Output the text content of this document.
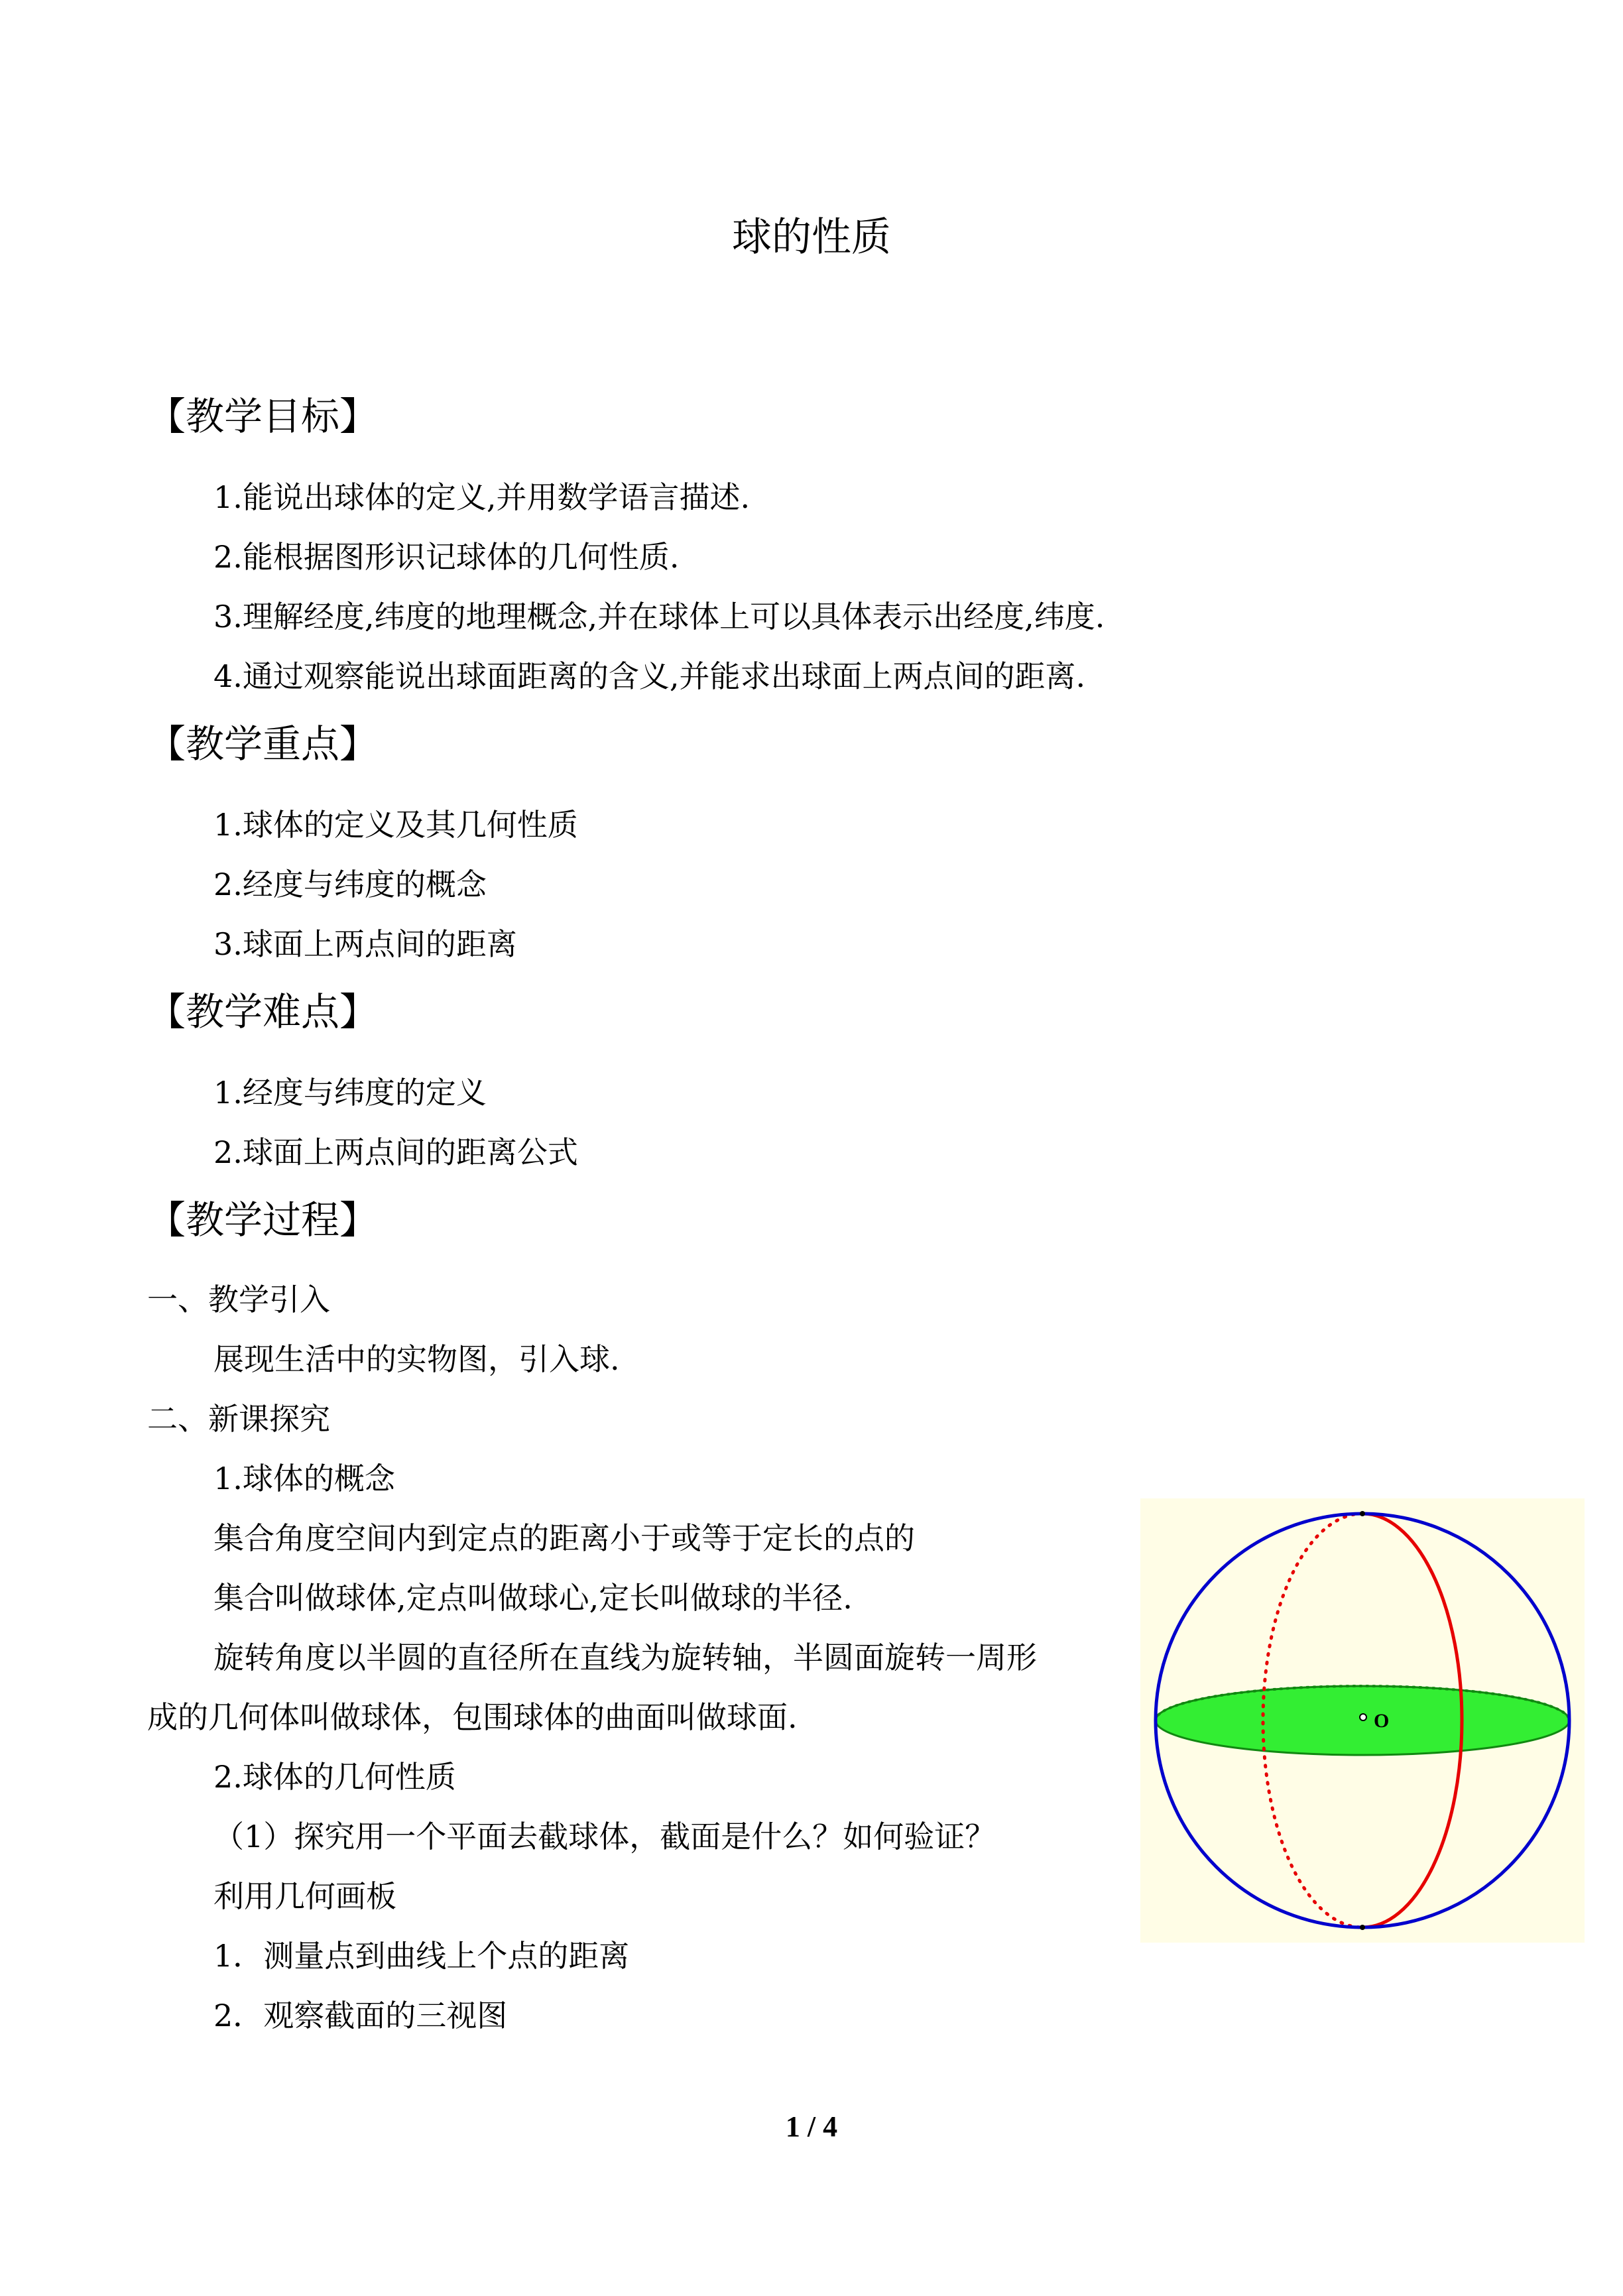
球的性质
【教学目标】
1.能说出球体的定义,并用数学语言描述.
2.能根据图形识记球体的几何性质.
3.理解经度,纬度的地理概念,并在球体上可以具体表示出经度,纬度.
4.通过观察能说出球面距离的含义,并能求出球面上两点间的距离.
【教学重点】
1.球体的定义及其几何性质
2.经度与纬度的概念
3.球面上两点间的距离
【教学难点】
1.经度与纬度的定义
2.球面上两点间的距离公式
【教学过程】
一、教学引入
展现生活中的实物图，引入球.
二、新课探究
1.球体的概念
集合角度空间内到定点的距离小于或等于定长的点的
集合叫做球体,定点叫做球心,定长叫做球的半径.
旋转角度以半圆的直径所在直线为旋转轴，半圆面旋转一周形
成的几何体叫做球体，包围球体的曲面叫做球面.
2.球体的几何性质
（1）探究用一个平面去截球体，截面是什么？如何验证？
利用几何画板
1．测量点到曲线上个点的距离
2．观察截面的三视图
O
1 / 4
